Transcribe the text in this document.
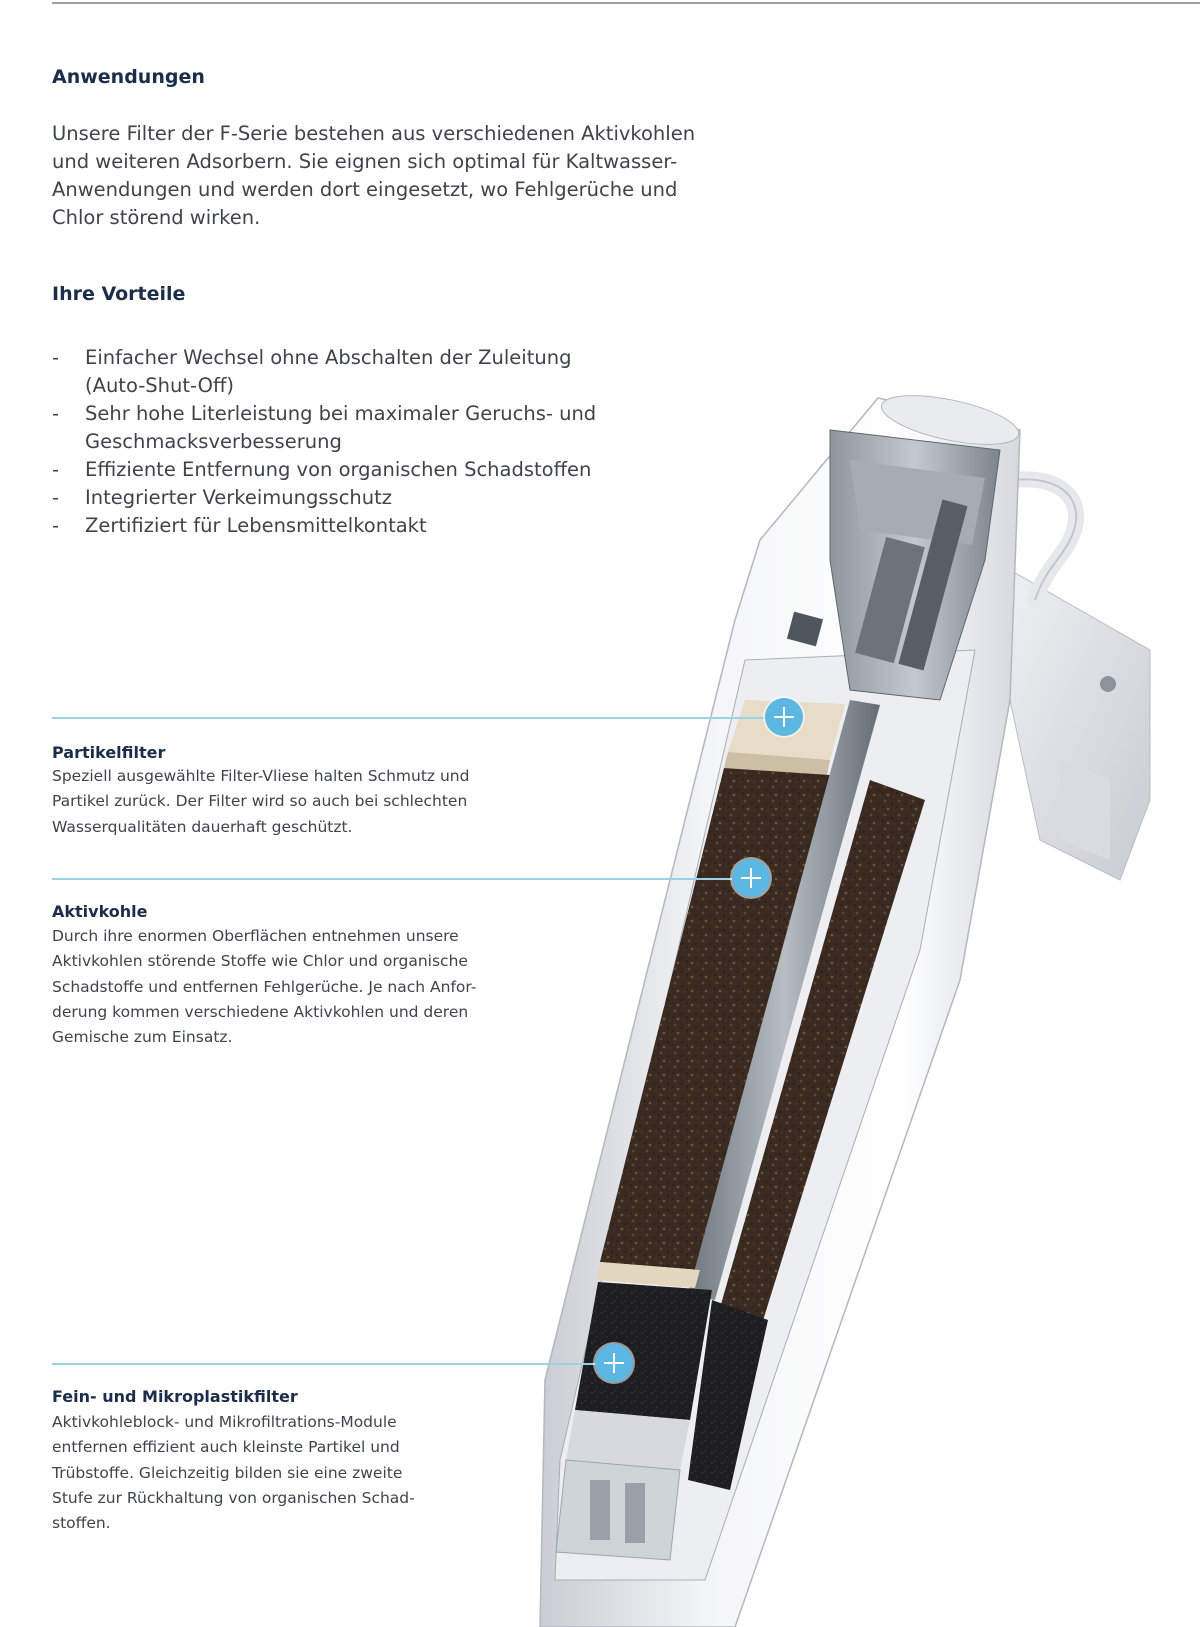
Anwendungen

Unsere Filter der F-Serie bestehen aus verschiedenen Aktivkohlen
und weiteren Adsorbern. Sie eignen sich optimal für Kaltwasser-
Anwendungen und werden dort eingesetzt, wo Fehlgerüche und
Chlor störend wirken.

Ihre Vorteile
- Einfacher Wechsel ohne Abschalten der Zuleitung
(Auto-Shut-Off)
- Sehr hohe Literleistung bei maximaler Geruchs- und
Geschmacksverbesserung
- Effiziente Entfernung von organischen Schadstoffen
- Integrierter Verkeimungsschutz
- Zertifiziert für Lebensmittelkontakt
Partikelfilter

Speziell ausgewählte Filter-Vliese halten Schmutz und
Partikel zurück. Der Filter wird so auch bei schlechten
Wasserqualitäten dauerhaft geschützt.

Aktivkohle

Durch ihre enormen Oberflächen entnehmen unsere
Aktivkohlen störende Stoffe wie Chlor und organische
Schadstoffe und entfernen Fehlgerüche. Je nach Anfor-
derung kommen verschiedene Aktivkohlen und deren
Gemische zum Einsatz.

Fein- und Mikroplastikfilter

Aktivkohleblock- und Mikrofiltrations-Module
entfernen effizient auch kleinste Partikel und
Trübstoffe. Gleichzeitig bilden sie eine zweite
Stufe zur Rückhaltung von organischen Schad-
stoffen.
